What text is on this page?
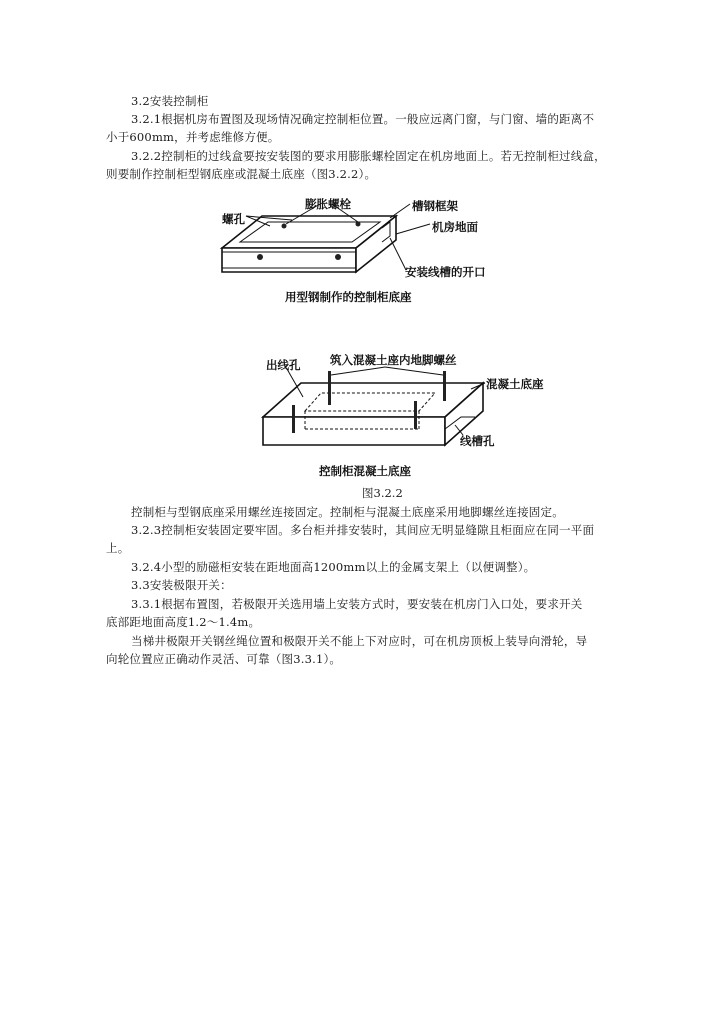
3.2安装控制柜
3.2.1根据机房布置图及现场情况确定控制柜位置。一般应远离门窗，与门窗、墙的距离不
小于600mm，并考虑维修方便。
3.2.2控制柜的过线盒要按安装图的要求用膨胀螺栓固定在机房地面上。若无控制柜过线盒，
则要制作控制柜型钢底座或混凝土底座（图3.2.2）。
膨胀螺栓
螺孔
槽钢框架
机房地面
安装线槽的开口
用型钢制作的控制柜底座
出线孔	筑入混凝土座内地脚螺丝
混凝土底座
线槽孔
控制柜混凝土底座
图3.2.2
控制柜与型钢底座采用螺丝连接固定。控制柜与混凝土底座采用地脚螺丝连接固定。
3.2.3控制柜安装固定要牢固。多台柜并排安装时，其间应无明显缝隙且柜面应在同一平面
上。
3.2.4小型的励磁柜安装在距地面高1200mm以上的金属支架上（以便调整）。
3.3安装极限开关：
3.3.1根据布置图，若极限开关选用墙上安装方式时，要安装在机房门入口处，要求开关
底部距地面高度1.2～1.4m。
当梯井极限开关钢丝绳位置和极限开关不能上下对应时，可在机房顶板上装导向滑轮，导
向轮位置应正确动作灵活、可靠（图3.3.1）。
